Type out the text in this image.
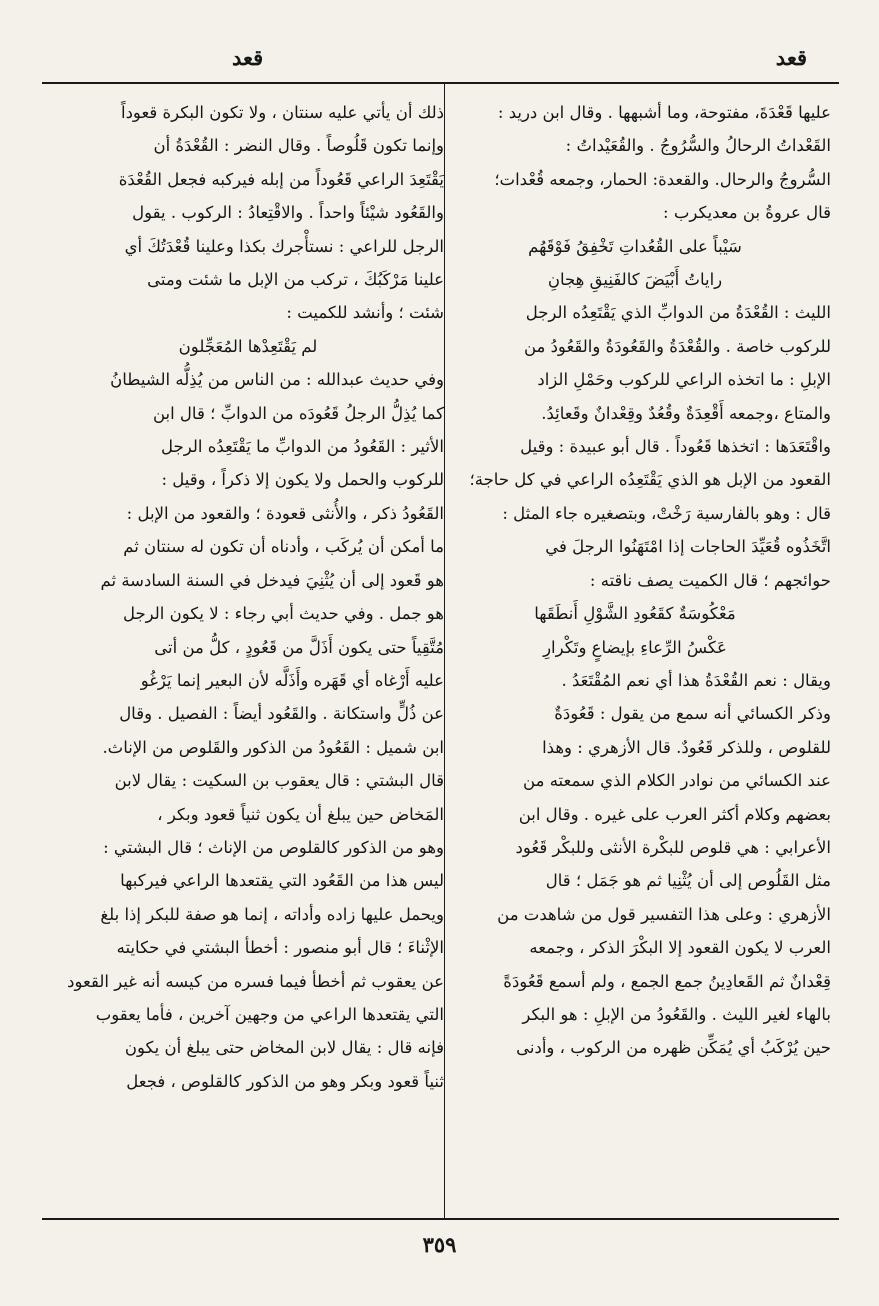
قعد
قعد
عليها قَعْدَةَ، مفتوحة، وما أشبهها . وقال ابن دريد :
القَعْداتُ الرحالُ والسُّرُوجُ . والقُعَيْداتُ :
السُّروجُ والرحال. والقعدة: الحمار، وجمعه قُعْدات؛
قال عروةُ بن معديكرب :
سَيْباً على القُعُداتِ تَخْفِقُ فَوْقَهُم
راياتُ أَبْيَضَ كالفَنِيقِ هِجانِ
الليث : القُعْدَةُ من الدوابِّ الذي يَقْتَعِدُه الرجل
للركوب خاصة . والقُعْدَةُ والقَعُودَةُ والقَعُودُ من
الإبلِ : ما اتخذه الراعي للركوب وحَمْلِ الزاد
والمتاع ،وجمعه أَقْعِدَةٌ وقُعُدٌ وقِعْدانٌ وقَعائِدُ.
واقْتَعَدَها : اتخذها قَعُوداً . قال أبو عبيدة : وقيل
القعود من الإبل هو الذي يَقْتَعِدُه الراعي في كل حاجة؛
قال : وهو بالفارسية رَخْتْ، وبتصغيره جاء المثل :
اتَّخَذُوه قُعَيِّدَ الحاجات إذا امْتَهَنُوا الرجلَ في
حوائجهم ؛ قال الكميت يصف ناقته :
مَعْكُوسَةٌ كقَعُودِ الشَّوْلِ أَنطَقَها
عَكْسُ الرِّعاءِ بإيضاعٍ وتَكْرارِ
ويقال : نعم القُعْدَةُ هذا أي نعم المُقْتَعَدُ .
وذكر الكسائي أنه سمع من يقول : قَعُودَةٌ
للقلوص ، وللذكر قَعُودٌ. قال الأزهري : وهذا
عند الكسائي من نوادر الكلام الذي سمعته من
بعضهم وكلام أكثر العرب على غيره . وقال ابن
الأعرابي : هي قلوص للبكْرة الأنثى وللبكْر قَعُود
مثل القَلُوص إلى أن يُثْنِيا ثم هو جَمَل ؛ قال
الأزهري : وعلى هذا التفسير قول من شاهدت من
العرب لا يكون القعود إلا البكْرَ الذكر ، وجمعه
قِعْدانٌ ثم القَعادِينُ جمع الجمع ، ولم أسمع قَعُودَةً
بالهاء لغير الليث . والقَعُودُ من الإبلِ : هو البكر
حين يُرْكَبُ أي يُمَكِّن ظهره من الركوب ، وأدنى
ذلك أن يأتي عليه سنتان ، ولا تكون البكرة قعوداً
وإنما تكون قَلُوصاً . وقال النضر : القُعْدَةُ أن
يَقْتَعِدَ الراعي قَعُوداً من إبله فيركبه فجعل القُعْدَة
والقَعُود شيْئاً واحداً . والاقْتِعادُ : الركوب . يقول
الرجل للراعي : نستأْجرك بكذا وعلينا قُعْدَتُكَ أي
علينا مَرْكَبُكَ ، تركب من الإبل ما شئت ومتى
شئت ؛ وأنشد للكميت :
لم يَقْتَعِدْها المُعَجِّلون
وفي حديث عبدالله : من الناس من يُذِلُّه الشيطانُ
كما يُذِلُّ الرجلُ قَعُودَه من الدوابِّ ؛ قال ابن
الأثير : القَعُودُ من الدوابِّ ما يَقْتَعِدُه الرجل
للركوب والحمل ولا يكون إلا ذكراً ، وقيل :
القَعُودُ ذكر ، والأُنثى قعودة ؛ والقعود من الإبل :
ما أمكن أن يُركَب ، وأدناه أن تكون له سنتان ثم
هو قَعود إلى أن يُثْنِيَ فيدخل في السنة السادسة ثم
هو جمل . وفي حديث أبي رجاء : لا يكون الرجل
مُتَّقِياً حتى يكون أَذَلَّ من قَعُودٍ ، كلُّ من أتى
عليه أَرْغاه أي قَهَره وأَذَلَّه لأن البعير إنما يَرْغُو
عن ذُلٍّ واستكانة . والقَعُود أيضاً : الفصيل . وقال
ابن شميل : القَعُودُ من الذكور والقَلوص من الإناث.
قال البشتي : قال يعقوب بن السكيت : يقال لابن
المَخاض حين يبلغ أن يكون ثنياً قعود وبكر ،
وهو من الذكور كالقلوص من الإناث ؛ قال البشتي :
ليس هذا من القَعُود التي يقتعدها الراعي فيركبها
ويحمل عليها زاده وأداته ، إنما هو صفة للبكر إذا بلغ
الإثْناءَ ؛ قال أبو منصور : أخطأ البشتي في حكايته
عن يعقوب ثم أخطأ فيما فسره من كيسه أنه غير القعود
التي يقتعدها الراعي من وجهين آخرين ، فأما يعقوب
فإنه قال : يقال لابن المخاض حتى يبلغ أن يكون
ثنياً قعود وبكر وهو من الذكور كالقلوص ، فجعل
٣٥٩
